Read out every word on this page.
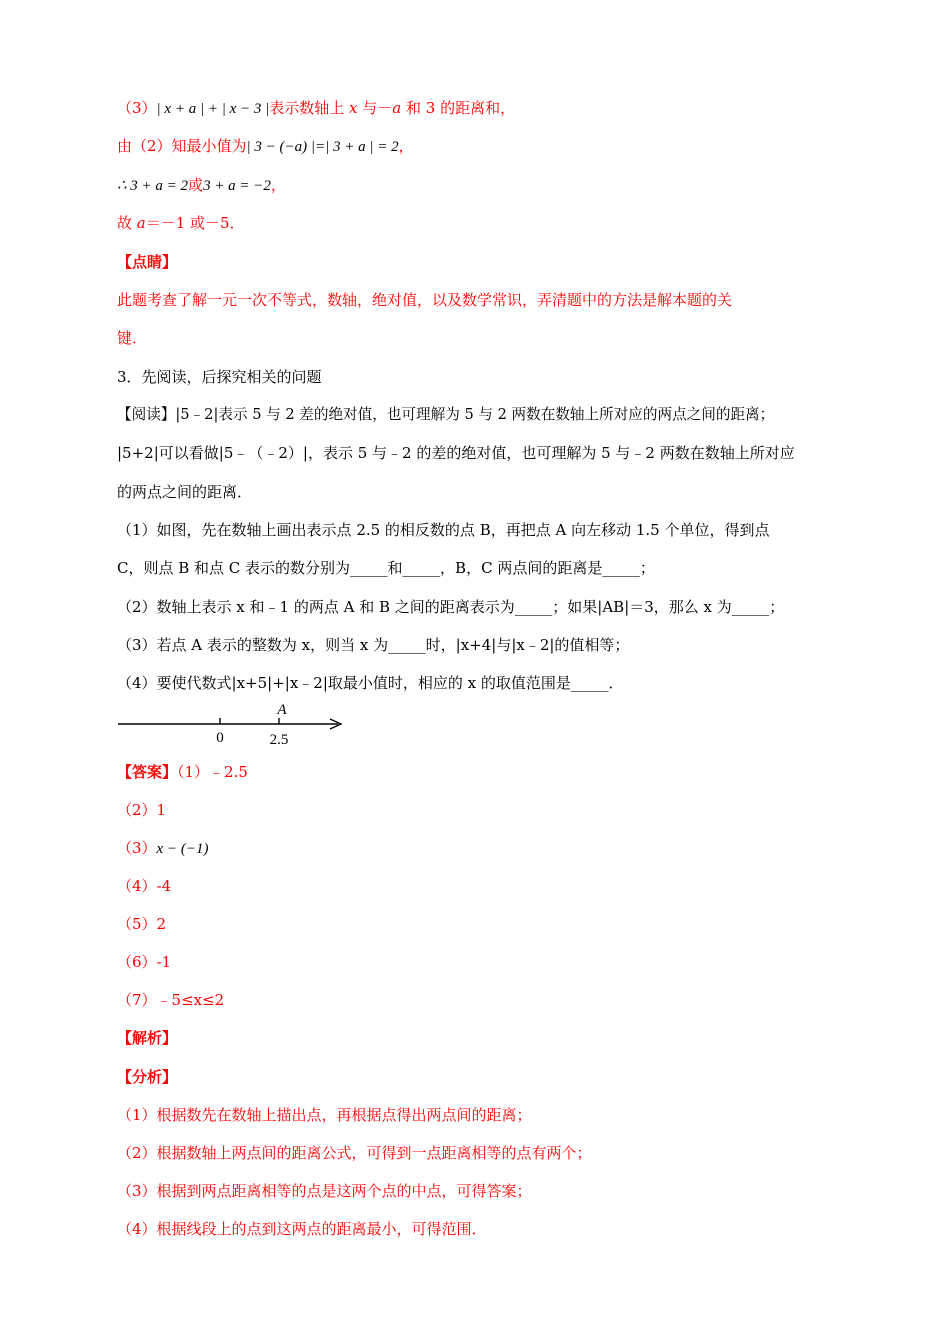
（3）| x + a | + | x − 3 |表示数轴上 x 与－a 和 3 的距离和，
由（2）知最小值为| 3 − (−a) |=| 3 + a | = 2，
∴ 3 + a = 2或3 + a = −2，
故 a＝－1 或－5．
【点睛】
此题考查了解一元一次不等式，数轴，绝对值，以及数学常识，弄清题中的方法是解本题的关
键．
3．先阅读，后探究相关的问题
【阅读】|5﹣2|表示 5 与 2 差的绝对值，也可理解为 5 与 2 两数在数轴上所对应的两点之间的距离；
|5+2|可以看做|5﹣（﹣2）|，表示 5 与﹣2 的差的绝对值，也可理解为 5 与﹣2 两数在数轴上所对应
的两点之间的距离．
（1）如图，先在数轴上画出表示点 2.5 的相反数的点 B，再把点 A 向左移动 1.5 个单位，得到点
C，则点 B 和点 C 表示的数分别为_____和_____，B，C 两点间的距离是_____；
（2）数轴上表示 x 和﹣1 的两点 A 和 B 之间的距离表示为_____；如果|AB|＝3，那么 x 为_____；
（3）若点 A 表示的整数为 x，则当 x 为_____时，|x+4|与|x﹣2|的值相等；
（4）要使代数式|x+5|+|x﹣2|取最小值时，相应的 x 的取值范围是_____．
0	2.5
A
【答案】（1）﹣2.5
（2）1
（3）x − (−1)
（4）-4
（5）2
（6）-1
（7）﹣5≤x≤2
【解析】
【分析】
（1）根据数先在数轴上描出点，再根据点得出两点间的距离；
（2）根据数轴上两点间的距离公式，可得到一点距离相等的点有两个；
（3）根据到两点距离相等的点是这两个点的中点，可得答案；
（4）根据线段上的点到这两点的距离最小，可得范围．
